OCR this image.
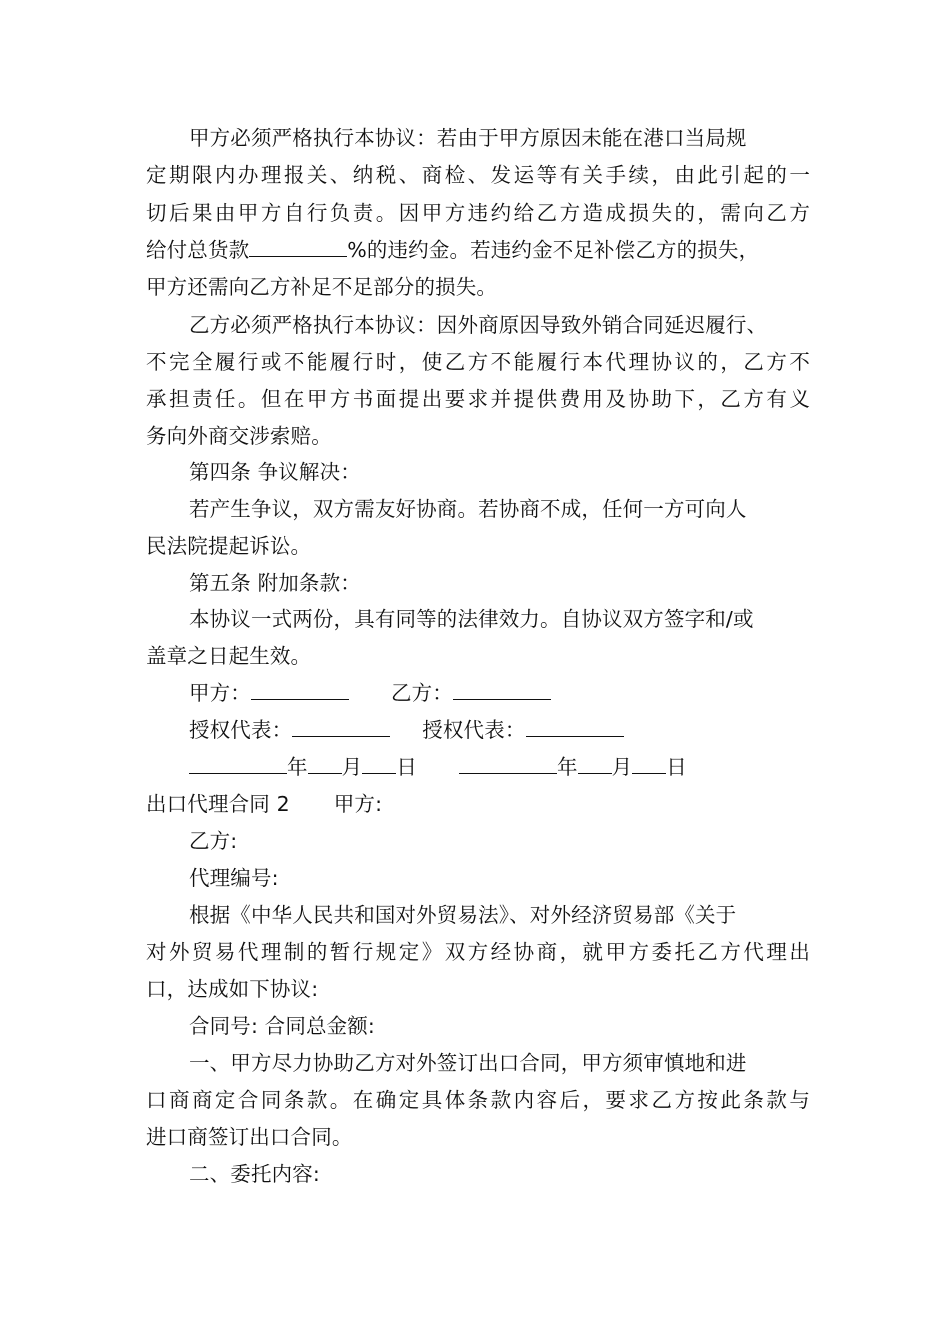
甲方必须严格执行本协议：若由于甲方原因未能在港口当局规
定期限内办理报关、纳税、商检、发运等有关手续，由此引起的一
切后果由甲方自行负责。因甲方违约给乙方造成损失的，需向乙方
给付总货款	%的违约金。若违约金不足补偿乙方的损失，
甲方还需向乙方补足不足部分的损失。
乙方必须严格执行本协议：因外商原因导致外销合同延迟履行、
不完全履行或不能履行时，使乙方不能履行本代理协议的，乙方不
承担责任。但在甲方书面提出要求并提供费用及协助下，乙方有义
务向外商交涉索赔。
第四条 争议解决：
若产生争议，双方需友好协商。若协商不成，任何一方可向人
民法院提起诉讼。
第五条 附加条款：
本协议一式两份，具有同等的法律效力。自协议双方签字和/或
盖章之日起生效。
甲方：	乙方：
授权代表：	授权代表：
年 月 日	年 月 日
出口代理合同 2 甲方:
乙方:
代理编号:
根据《中华人民共和国对外贸易法》、对外经济贸易部《关于
对外贸易代理制的暂行规定》双方经协商，就甲方委托乙方代理出
口，达成如下协议:
合同号: 合同总金额:
一、甲方尽力协助乙方对外签订出口合同，甲方须审慎地和进
口商商定合同条款。在确定具体条款内容后，要求乙方按此条款与
进口商签订出口合同。
二、委托内容:
